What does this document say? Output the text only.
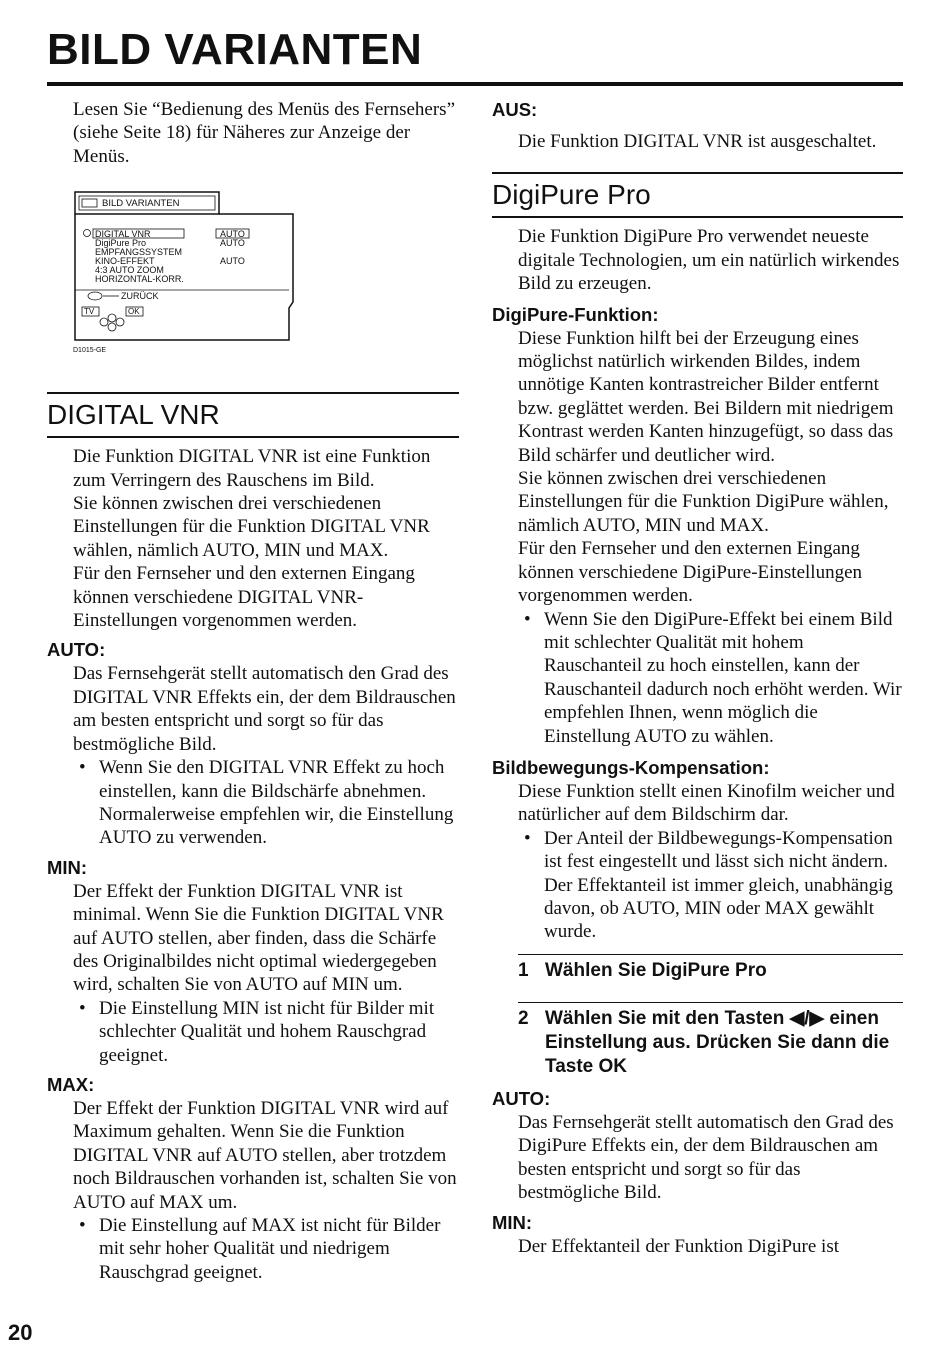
BILD VARIANTEN

Lesen Sie “Bedienung des Menüs des Fernsehers” (siehe Seite 18) für Näheres zur Anzeige der Menüs.

BILD VARIANTEN
DIGITAL VNR
DigiPure Pro
EMPFANGSSYSTEM
KINO-EFFEKT
4:3 AUTO ZOOM
HORIZONTAL-KORR.
AUTO
AUTO
AUTO
ZURÜCK
TV	OK
D1015-GE
DIGITAL VNR

Die Funktion DIGITAL VNR ist eine Funktion zum Verringern des Rauschens im Bild.

Sie können zwischen drei verschiedenen Einstellungen für die Funktion DIGITAL VNR wählen, nämlich AUTO, MIN und MAX.

Für den Fernseher und den externen Eingang können verschiedene DIGITAL VNR-Einstellungen vorgenommen werden.

AUTO:

Das Fernsehgerät stellt automatisch den Grad des DIGITAL VNR Effekts ein, der dem Bildrauschen am besten entspricht und sorgt so für das bestmögliche Bild.

• Wenn Sie den DIGITAL VNR Effekt zu hoch einstellen, kann die Bildschärfe abnehmen. Normalerweise empfehlen wir, die Einstellung AUTO zu verwenden.

MIN:

Der Effekt der Funktion DIGITAL VNR ist minimal. Wenn Sie die Funktion DIGITAL VNR auf AUTO stellen, aber finden, dass die Schärfe des Originalbildes nicht optimal wiedergegeben wird, schalten Sie von AUTO auf MIN um.

• Die Einstellung MIN ist nicht für Bilder mit schlechter Qualität und hohem Rauschgrad geeignet.

MAX:

Der Effekt der Funktion DIGITAL VNR wird auf Maximum gehalten. Wenn Sie die Funktion DIGITAL VNR auf AUTO stellen, aber trotzdem noch Bildrauschen vorhanden ist, schalten Sie von AUTO auf MAX um.

• Die Einstellung auf MAX ist nicht für Bilder mit sehr hoher Qualität und niedrigem Rauschgrad geeignet.

AUS:

Die Funktion DIGITAL VNR ist ausgeschaltet.

DigiPure Pro

Die Funktion DigiPure Pro verwendet neueste digitale Technologien, um ein natürlich wirkendes Bild zu erzeugen.

DigiPure-Funktion:

Diese Funktion hilft bei der Erzeugung eines möglichst natürlich wirkenden Bildes, indem unnötige Kanten kontrastreicher Bilder entfernt bzw. geglättet werden. Bei Bildern mit niedrigem Kontrast werden Kanten hinzugefügt, so dass das Bild schärfer und deutlicher wird.

Sie können zwischen drei verschiedenen Einstellungen für die Funktion DigiPure wählen, nämlich AUTO, MIN und MAX.

Für den Fernseher und den externen Eingang können verschiedene DigiPure-Einstellungen vorgenommen werden.

• Wenn Sie den DigiPure-Effekt bei einem Bild mit schlechter Qualität mit hohem Rauschanteil zu hoch einstellen, kann der Rauschanteil dadurch noch erhöht werden. Wir empfehlen Ihnen, wenn möglich die Einstellung AUTO zu wählen.

Bildbewegungs-Kompensation:

Diese Funktion stellt einen Kinofilm weicher und natürlicher auf dem Bildschirm dar.

• Der Anteil der Bildbewegungs-Kompensation ist fest eingestellt und lässt sich nicht ändern. Der Effektanteil ist immer gleich, unabhängig davon, ob AUTO, MIN oder MAX gewählt wurde.

1 Wählen Sie DigiPure Pro
2 Wählen Sie mit den Tasten ◀/▶ einen Einstellung aus. Drücken Sie dann die Taste OK

AUTO:

Das Fernsehgerät stellt automatisch den Grad des DigiPure Effekts ein, der dem Bildrauschen am besten entspricht und sorgt so für das bestmögliche Bild.

MIN:

Der Effektanteil der Funktion DigiPure ist

20
